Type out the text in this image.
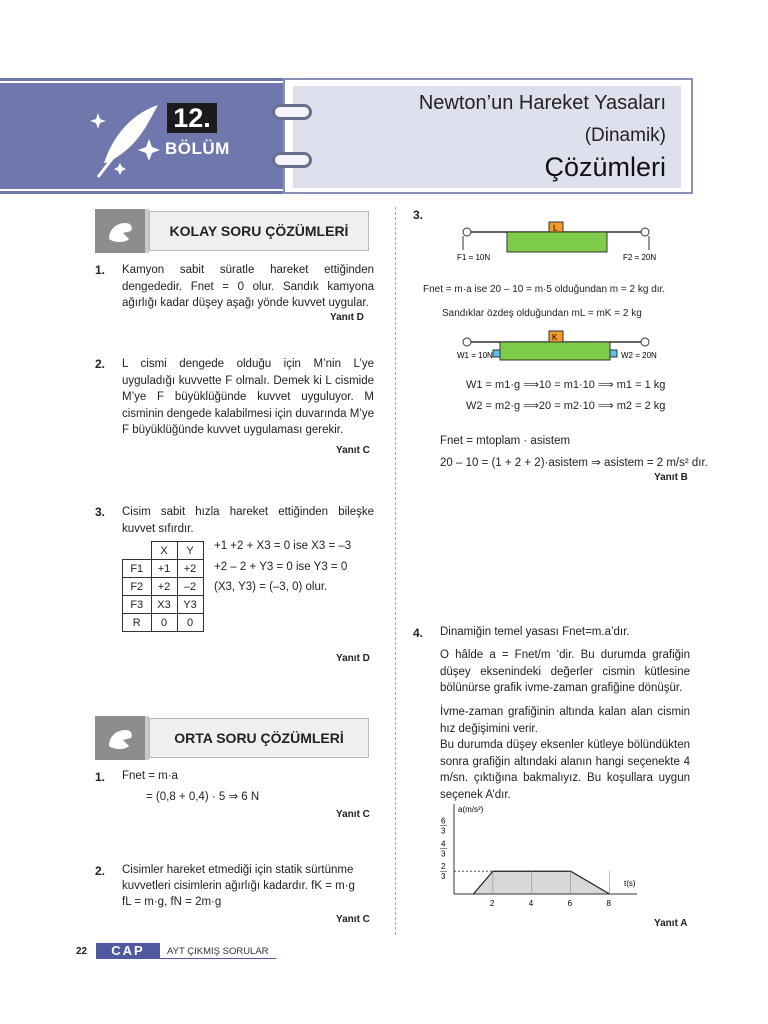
12.
BÖLÜM
Newton’un Hareket Yasaları
(Dinamik)
Çözümleri
KOLAY SORU ÇÖZÜMLERİ
1. Kamyon sabit süratle hareket ettiğinden dengededir. Fnet = 0 olur. Sandık kamyona ağırlığı kadar düşey aşağı yönde kuvvet uygular.
Yanıt D
2. L cismi dengede olduğu için M’nin L’ye uyguladığı kuvvette F olmalı. Demek ki L cismide M’ye F büyüklüğünde kuvvet uyguluyor. M cisminin dengede kalabilmesi için duvarında M’ye F büyüklüğünde kuvvet uygulaması gerekir.
Yanıt C
3. Cisim sabit hızla hareket ettiğinden bileşke kuvvet sıfırdır.
	X	Y
F1	+1	+2
F2	+2	–2
F3	X3	Y3
R	0	0
+1 +2 + X3 = 0 ise X3 = –3
+2 – 2 + Y3 = 0 ise Y3 = 0
(X3, Y3) = (–3, 0) olur.
Yanıt D
ORTA SORU ÇÖZÜMLERİ
1. Fnet = m·a
= (0,8 + 0,4) · 5 ⇒ 6 N
Yanıt C
2. Cisimler hareket etmediği için statik sürtünme
kuvvetleri cisimlerin ağırlığı kadardır. fK = m·g
fL = m·g, fN = 2m·g
Yanıt C
3.
L
F1 = 10N	F2 = 20N
Fnet = m·a ise 20 – 10 = m·5 olduğundan m = 2 kg dır.
Sandıklar özdeş olduğundan mL = mK = 2 kg
K
W1 = 10N	W2 = 20N
W1 = m1·g ⟹10 = m1·10 ⟹ m1 = 1 kg
W2 = m2·g ⟹20 = m2·10 ⟹ m2 = 2 kg
Fnet = mtoplam · asistem
20 – 10 = (1 + 2 + 2)·asistem ⇒ asistem = 2 m/s² dır.
Yanıt B
4. Dinamiğin temel yasası Fnet=m.a’dır.
O hâlde a = Fnet/m ‘dir. Bu durumda grafiğin düşey eksenindeki değerler cismin kütlesine bölünürse grafik ivme-zaman grafiğine dönüşür.
İvme-zaman grafiğinin altında kalan alan cismin hız değişimini verir.
Bu durumda düşey eksenler kütleye bölündükten sonra grafiğin altındaki alanın hangi seçenekte 4 m/sn. çıktığına bakmalıyız. Bu koşullara uygun seçenek A’dır.
2	4	6	8
2
3
4
3
6
3
a(m/s²)
t(s)
Yanıt A
22	CAP	AYT ÇIKMIŞ SORULAR
